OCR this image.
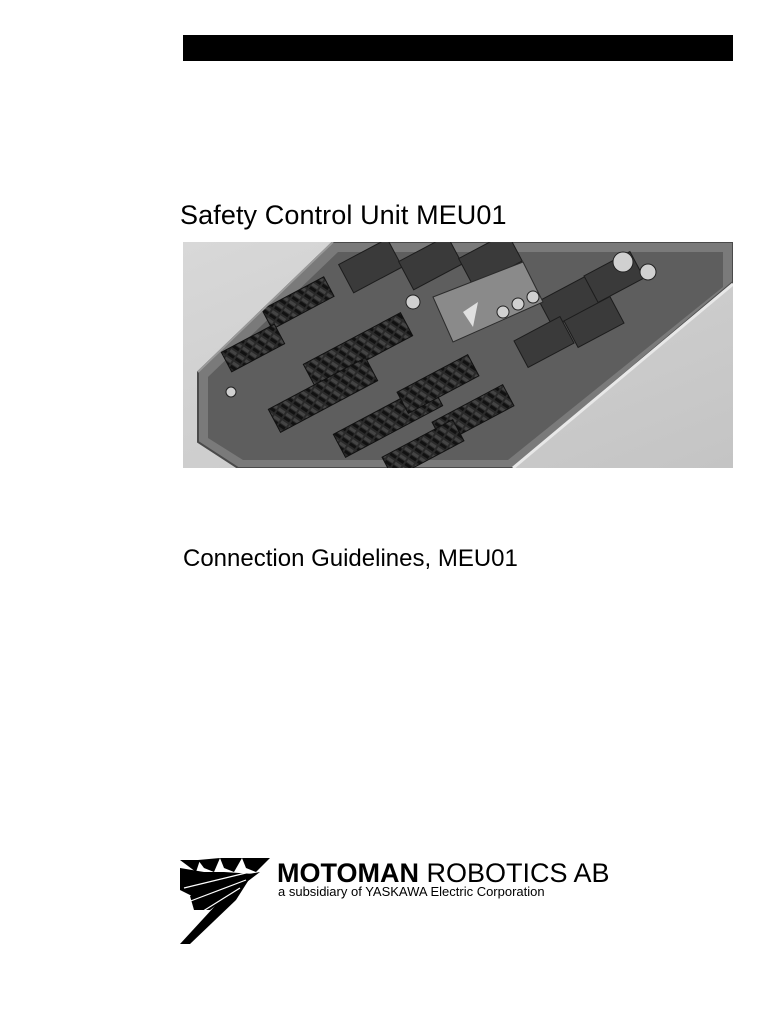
Safety Control Unit MEU01
Connection Guidelines, MEU01
MOTOMAN ROBOTICS AB
a subsidiary of YASKAWA Electric Corporation
